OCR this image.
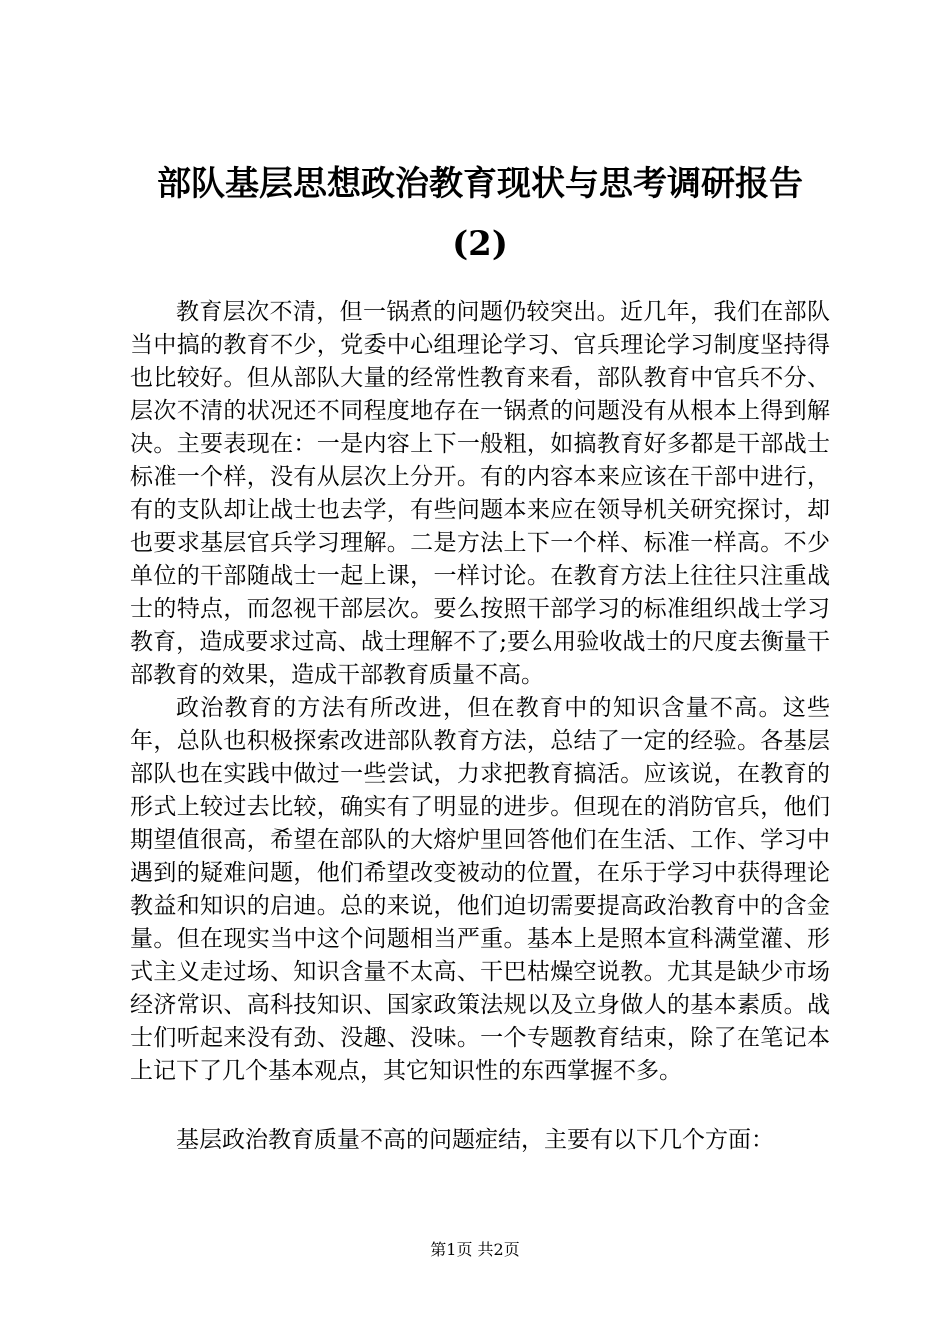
部队基层思想政治教育现状与思考调研报告
(2)

教育层次不清，但一锅煮的问题仍较突出。近几年，我们在部队当中搞的教育不少，党委中心组理论学习、官兵理论学习制度坚持得也比较好。但从部队大量的经常性教育来看，部队教育中官兵不分、层次不清的状况还不同程度地存在一锅煮的问题没有从根本上得到解决。主要表现在：一是内容上下一般粗，如搞教育好多都是干部战士标准一个样，没有从层次上分开。有的内容本来应该在干部中进行，有的支队却让战士也去学，有些问题本来应在领导机关研究探讨，却也要求基层官兵学习理解。二是方法上下一个样、标准一样高。不少单位的干部随战士一起上课，一样讨论。在教育方法上往往只注重战士的特点，而忽视干部层次。要么按照干部学习的标准组织战士学习教育，造成要求过高、战士理解不了;要么用验收战士的尺度去衡量干部教育的效果，造成干部教育质量不高。

政治教育的方法有所改进，但在教育中的知识含量不高。这些年，总队也积极探索改进部队教育方法，总结了一定的经验。各基层部队也在实践中做过一些尝试，力求把教育搞活。应该说，在教育的形式上较过去比较，确实有了明显的进步。但现在的消防官兵，他们期望值很高，希望在部队的大熔炉里回答他们在生活、工作、学习中遇到的疑难问题，他们希望改变被动的位置，在乐于学习中获得理论教益和知识的启迪。总的来说，他们迫切需要提高政治教育中的含金量。但在现实当中这个问题相当严重。基本上是照本宣科满堂灌、形式主义走过场、知识含量不太高、干巴枯燥空说教。尤其是缺少市场经济常识、高科技知识、国家政策法规以及立身做人的基本素质。战士们听起来没有劲、没趣、没味。一个专题教育结束，除了在笔记本上记下了几个基本观点，其它知识性的东西掌握不多。

基层政治教育质量不高的问题症结，主要有以下几个方面：

第1页 共2页
